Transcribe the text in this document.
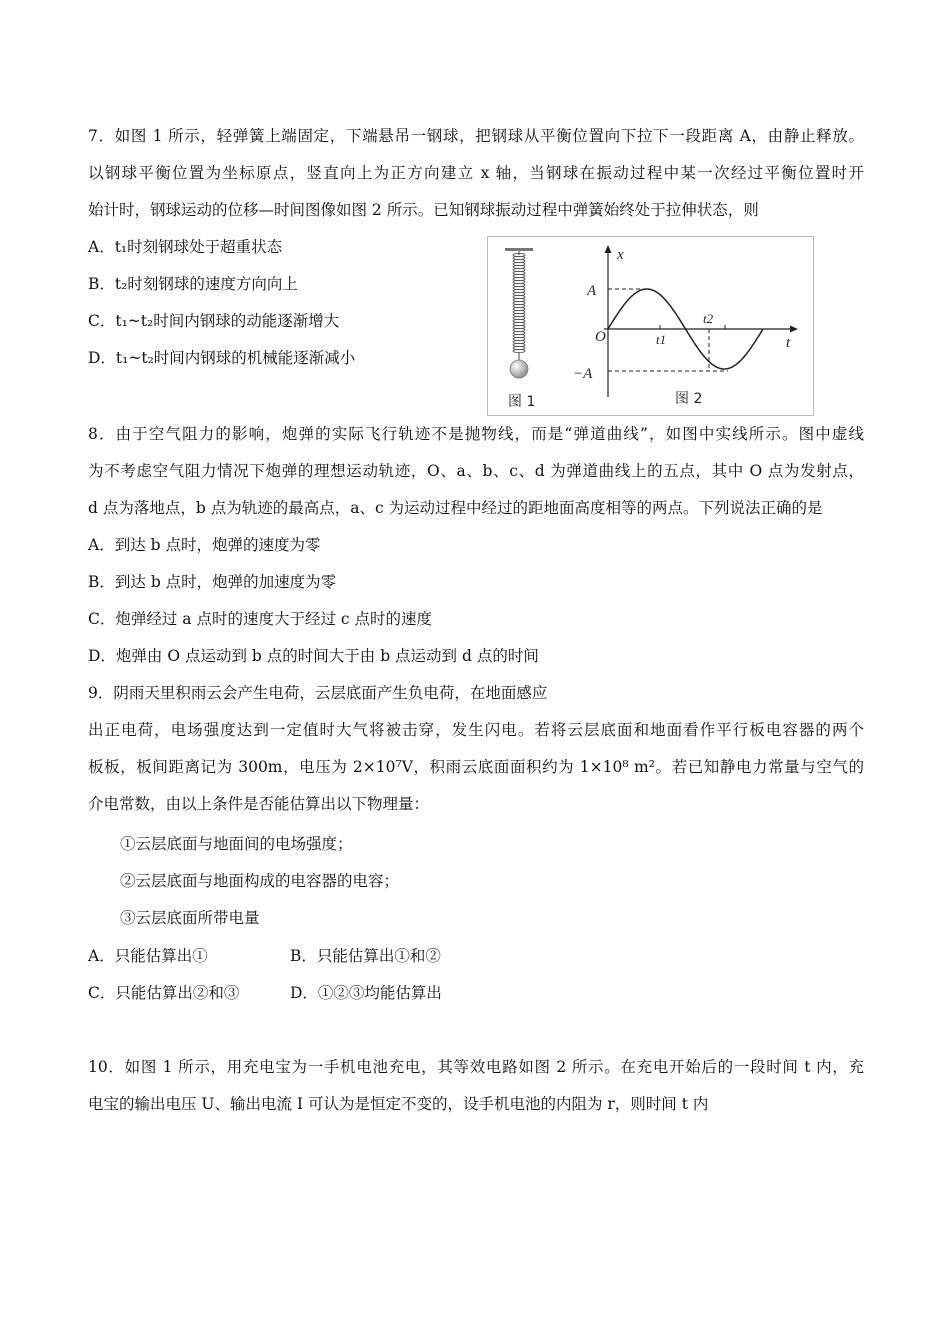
7．如图 1 所示，轻弹簧上端固定，下端悬吊一钢球，把钢球从平衡位置向下拉下一段距离 A，由静止释放。
以钢球平衡位置为坐标原点，竖直向上为正方向建立 x 轴，当钢球在振动过程中某一次经过平衡位置时开
始计时，钢球运动的位移—时间图像如图 2 所示。已知钢球振动过程中弹簧始终处于拉伸状态，则
A．t₁时刻钢球处于超重状态
B．t₂时刻钢球的速度方向向上
C．t₁~t₂时间内钢球的动能逐渐增大
D．t₁~t₂时间内钢球的机械能逐渐减小
图 1
x
t
O
A
−A
t1
t2
图 2
8．由于空气阻力的影响，炮弹的实际飞行轨迹不是抛物线，而是“弹道曲线”，如图中实线所示。图中虚线
为不考虑空气阻力情况下炮弹的理想运动轨迹，O、a、b、c、d 为弹道曲线上的五点，其中 O 点为发射点，
d 点为落地点，b 点为轨迹的最高点，a、c 为运动过程中经过的距地面高度相等的两点。下列说法正确的是
A．到达 b 点时，炮弹的速度为零
B．到达 b 点时，炮弹的加速度为零
C．炮弹经过 a 点时的速度大于经过 c 点时的速度
D．炮弹由 O 点运动到 b 点的时间大于由 b 点运动到 d 点的时间
9．阴雨天里积雨云会产生电荷，云层底面产生负电荷，在地面感应
出正电荷，电场强度达到一定值时大气将被击穿，发生闪电。若将云层底面和地面看作平行板电容器的两个
板板，板间距离记为 300m，电压为 2×10⁷V，积雨云底面面积约为 1×10⁸ m²。若已知静电力常量与空气的
介电常数，由以上条件是否能估算出以下物理量：
①云层底面与地面间的电场强度；
②云层底面与地面构成的电容器的电容；
③云层底面所带电量
A．只能估算出①	B．只能估算出①和②
C．只能估算出②和③	D．①②③均能估算出
10．如图 1 所示，用充电宝为一手机电池充电，其等效电路如图 2 所示。在充电开始后的一段时间 t 内，充
电宝的输出电压 U、输出电流 I 可认为是恒定不变的，设手机电池的内阻为 r，则时间 t 内
